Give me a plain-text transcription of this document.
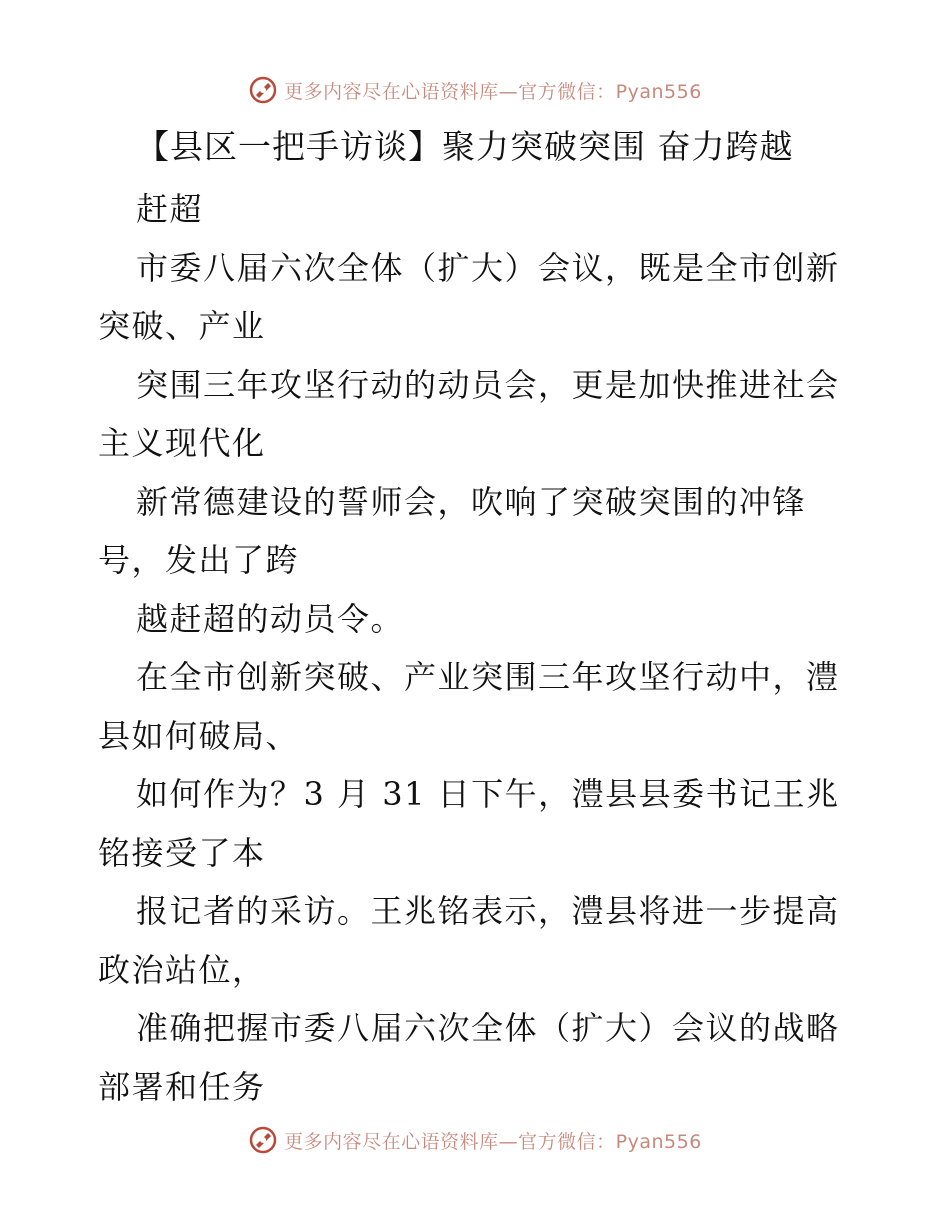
更多内容尽在心语资料库—官方微信：Pyan556
【县区一把手访谈】聚力突破突围 奋力跨越
赶超
市委八届六次全体（扩大）会议，既是全市创新
突破、产业
突围三年攻坚行动的动员会，更是加快推进社会
主义现代化
新常德建设的誓师会，吹响了突破突围的冲锋
号，发出了跨
越赶超的动员令。
在全市创新突破、产业突围三年攻坚行动中，澧
县如何破局、
如何作为？3 月 31 日下午，澧县县委书记王兆
铭接受了本
报记者的采访。王兆铭表示，澧县将进一步提高
政治站位，
准确把握市委八届六次全体（扩大）会议的战略
部署和任务
更多内容尽在心语资料库—官方微信：Pyan556
